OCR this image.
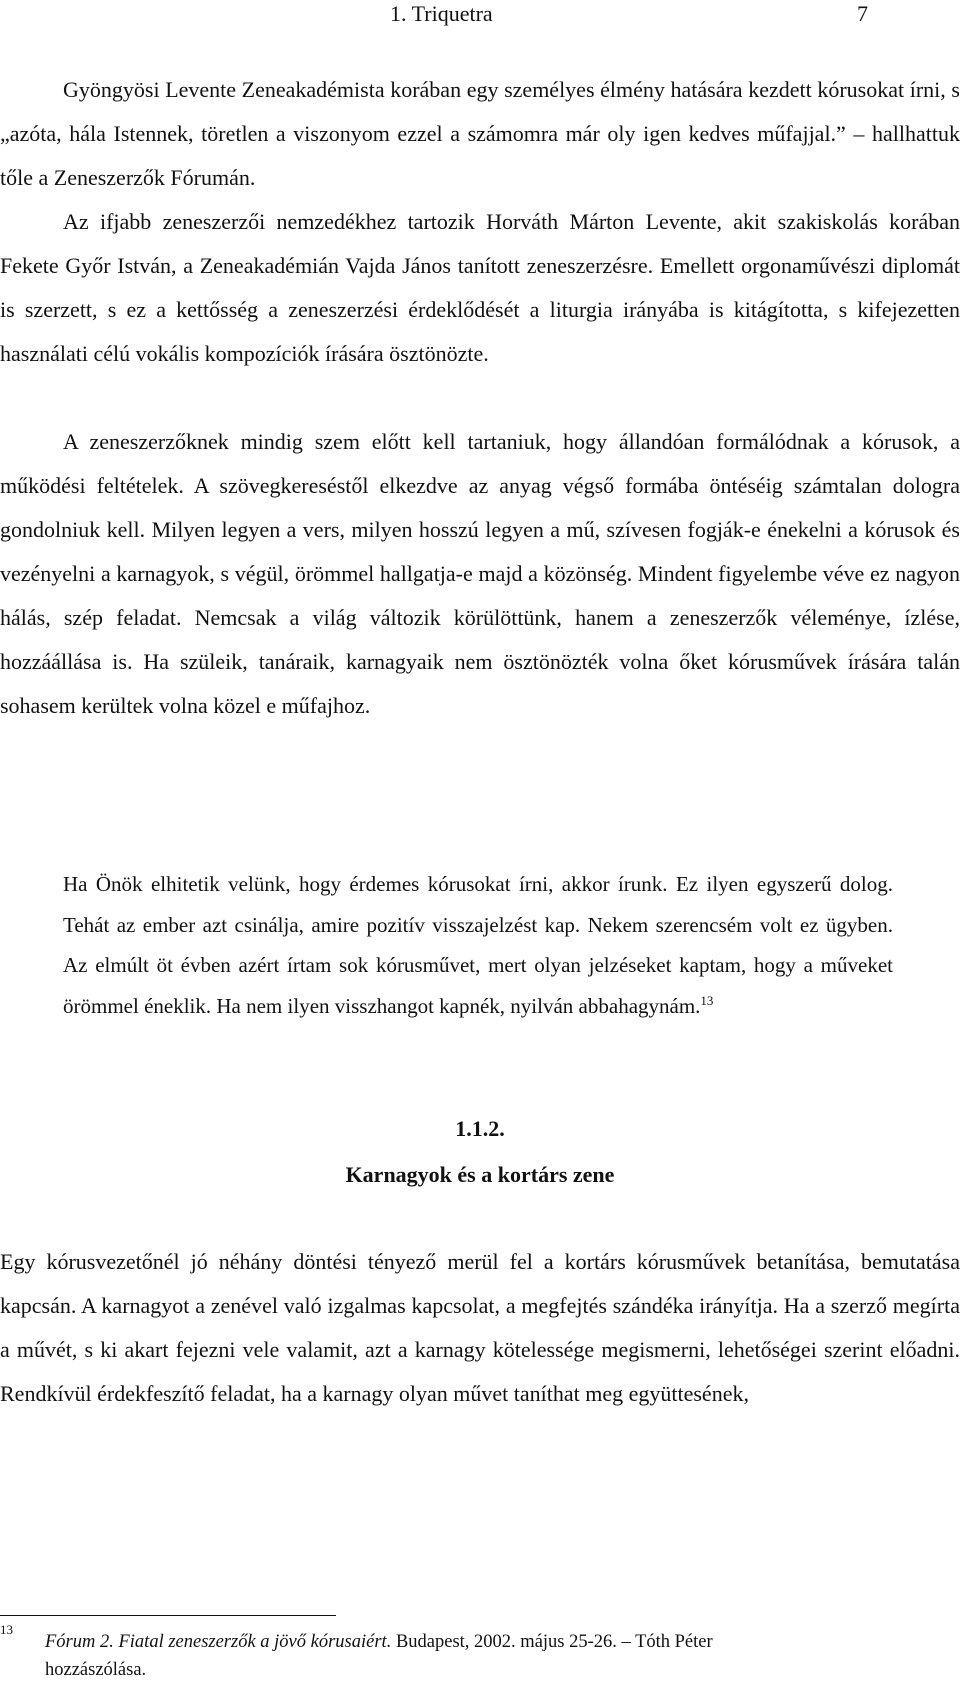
1. Triquetra	7

Gyöngyösi Levente Zeneakadémista korában egy személyes élmény hatására kezdett kórusokat írni, s „azóta, hála Istennek, töretlen a viszonyom ezzel a számomra már oly igen kedves műfajjal.” – hallhattuk tőle a Zeneszerzők Fórumán.

Az ifjabb zeneszerzői nemzedékhez tartozik Horváth Márton Levente, akit szakiskolás korában Fekete Győr István, a Zeneakadémián Vajda János tanított zeneszerzésre. Emellett orgonaművészi diplomát is szerzett, s ez a kettősség a zeneszerzési érdeklődését a liturgia irányába is kitágította, s kifejezetten használati célú vokális kompozíciók írására ösztönözte.

A zeneszerzőknek mindig szem előtt kell tartaniuk, hogy állandóan formálódnak a kórusok, a működési feltételek. A szövegkereséstől elkezdve az anyag végső formába öntéséig számtalan dologra gondolniuk kell. Milyen legyen a vers, milyen hosszú legyen a mű, szívesen fogják-e énekelni a kórusok és vezényelni a karnagyok, s végül, örömmel hallgatja-e majd a közönség. Mindent figyelembe véve ez nagyon hálás, szép feladat. Nemcsak a világ változik körülöttünk, hanem a zeneszerzők véleménye, ízlése, hozzáállása is. Ha szüleik, tanáraik, karnagyaik nem ösztönözték volna őket kórusművek írására talán sohasem kerültek volna közel e műfajhoz.

Ha Önök elhitetik velünk, hogy érdemes kórusokat írni, akkor írunk. Ez ilyen egyszerű dolog. Tehát az ember azt csinálja, amire pozitív visszajelzést kap. Nekem szerencsém volt ez ügyben. Az elmúlt öt évben azért írtam sok kórusművet, mert olyan jelzéseket kaptam, hogy a műveket örömmel éneklik. Ha nem ilyen visszhangot kapnék, nyilván abbahagynám.$^{13}$

1.1.2.
Karnagyok és a kortárs zene

Egy kórusvezetőnél jó néhány döntési tényező merül fel a kortárs kórusművek betanítása, bemutatása kapcsán. A karnagyot a zenével való izgalmas kapcsolat, a megfejtés szándéka irányítja. Ha a szerző megírta a művét, s ki akart fejezni vele valamit, azt a karnagy kötelessége megismerni, lehetőségei szerint előadni. Rendkívül érdekfeszítő feladat, ha a karnagy olyan művet taníthat meg együttesének,

13
Fórum 2. Fiatal zeneszerzők a jövő kórusaiért. Budapest, 2002. május 25-26. – Tóth Péter
hozzászólása.
